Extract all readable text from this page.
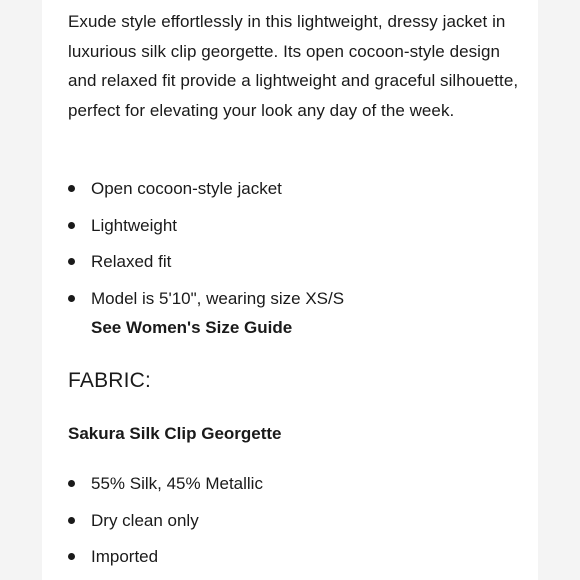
Exude style effortlessly in this lightweight, dressy jacket in luxurious silk clip georgette. Its open cocoon-style design and relaxed fit provide a lightweight and graceful silhouette, perfect for elevating your look any day of the week.

Open cocoon-style jacket
Lightweight
Relaxed fit
Model is 5'10", wearing size XS/S
See Women's Size Guide
FABRIC:

Sakura Silk Clip Georgette

55% Silk, 45% Metallic
Dry clean only
Imported
